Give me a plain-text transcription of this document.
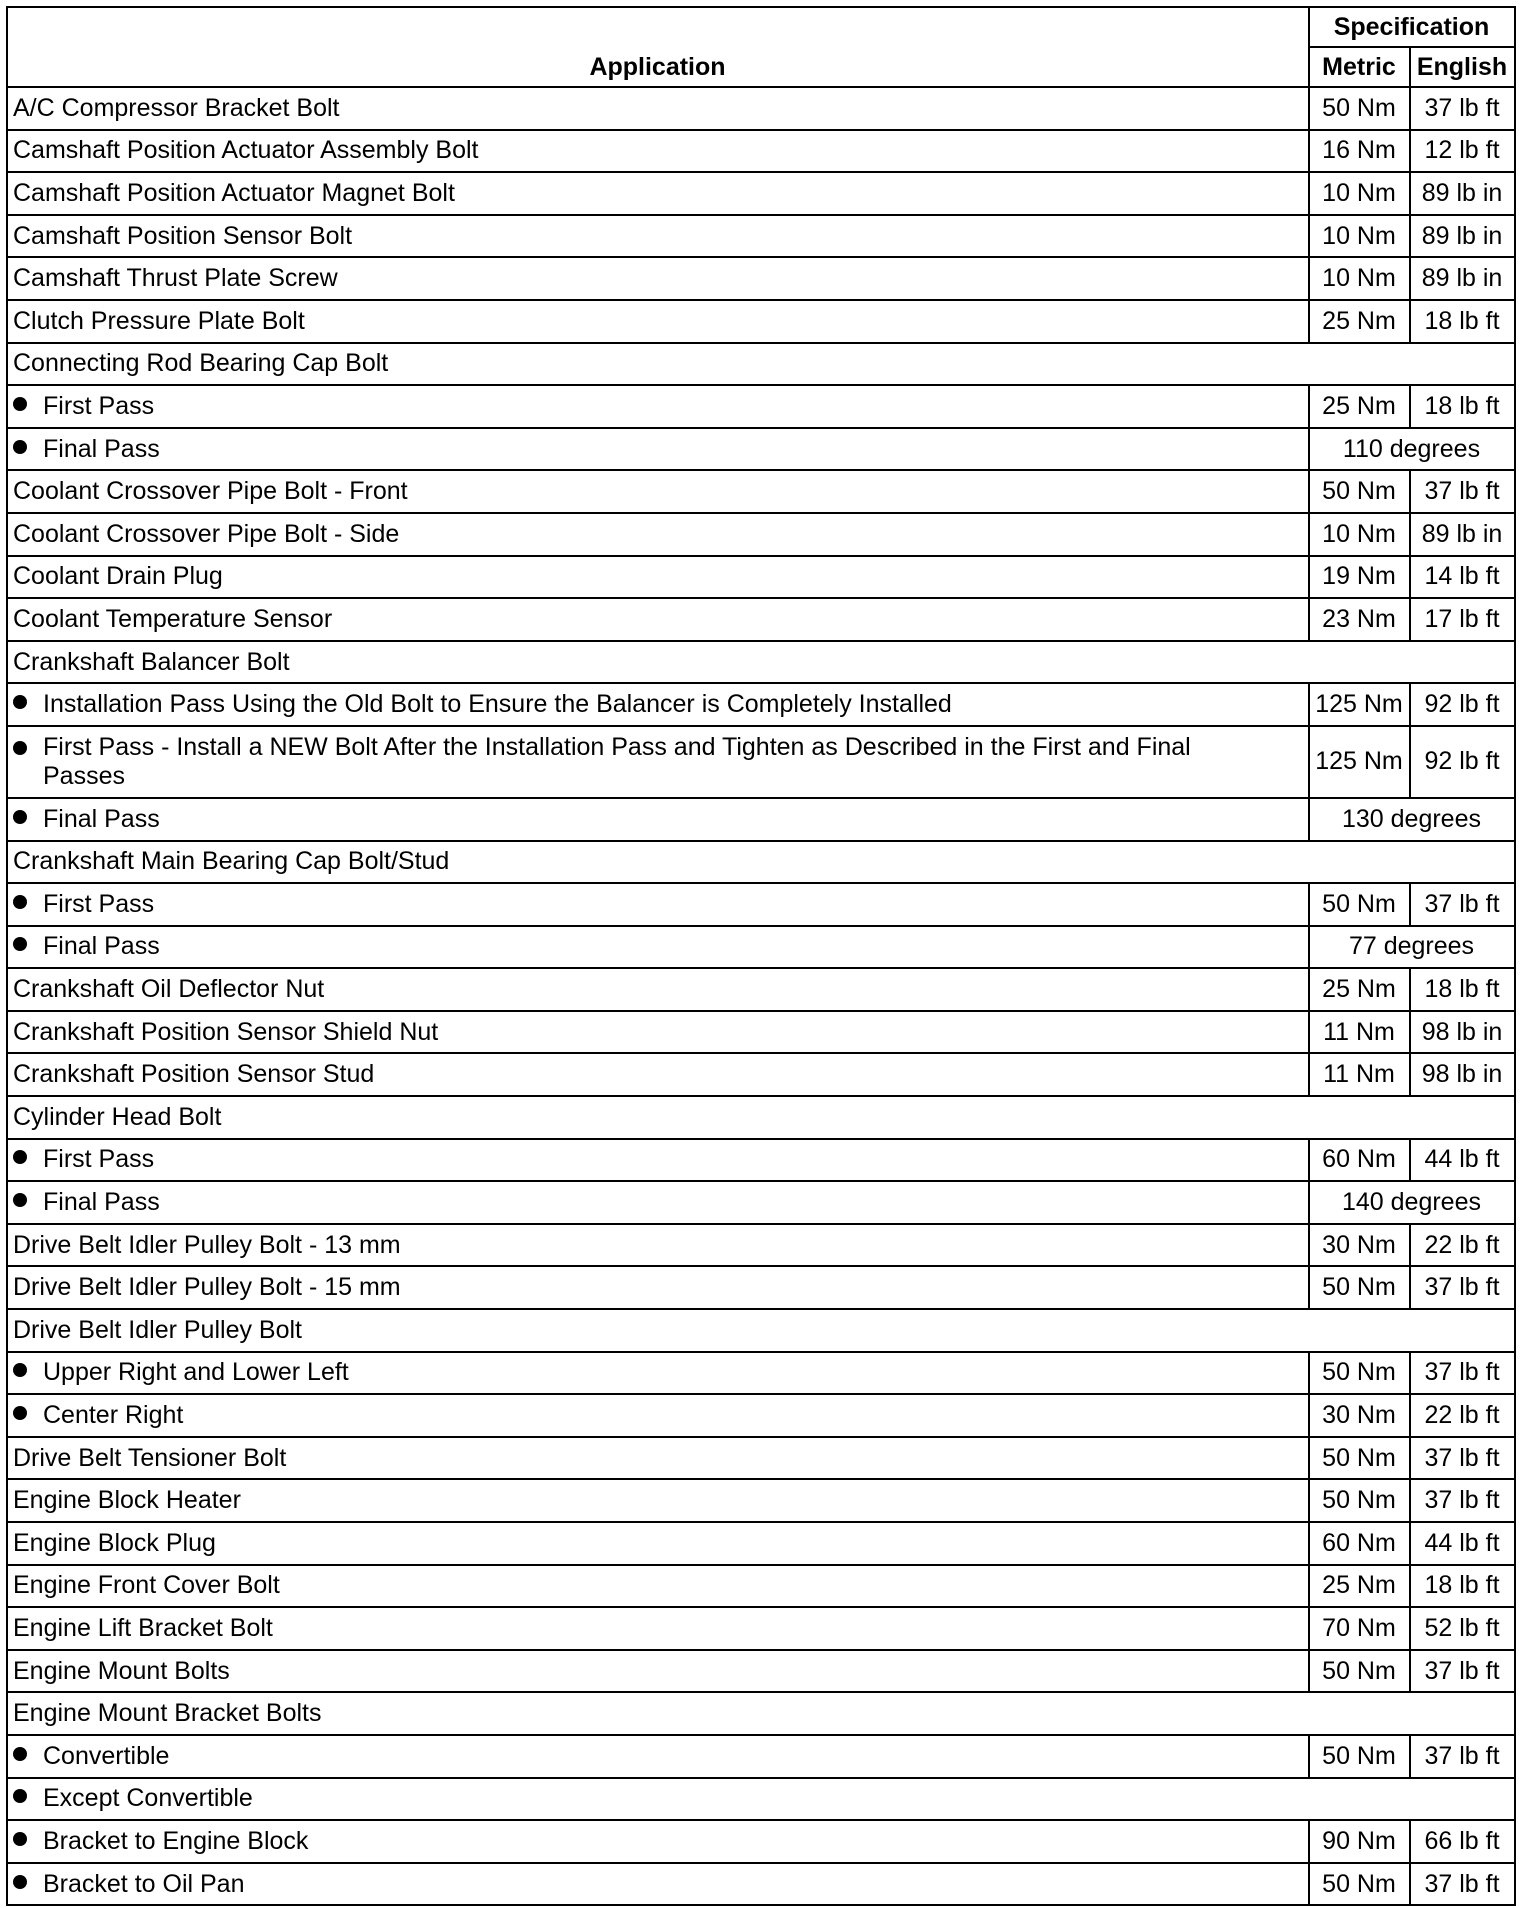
Application	Specification	
	Metric	English
A/C Compressor Bracket Bolt	50 Nm	37 lb ft
Camshaft Position Actuator Assembly Bolt	16 Nm	12 lb ft
Camshaft Position Actuator Magnet Bolt	10 Nm	89 lb in
Camshaft Position Sensor Bolt	10 Nm	89 lb in
Camshaft Thrust Plate Screw	10 Nm	89 lb in
Clutch Pressure Plate Bolt	25 Nm	18 lb ft
Connecting Rod Bearing Cap Bolt		
First Pass	25 Nm	18 lb ft
Final Pass	110 degrees	
Coolant Crossover Pipe Bolt - Front	50 Nm	37 lb ft
Coolant Crossover Pipe Bolt - Side	10 Nm	89 lb in
Coolant Drain Plug	19 Nm	14 lb ft
Coolant Temperature Sensor	23 Nm	17 lb ft
Crankshaft Balancer Bolt		
Installation Pass Using the Old Bolt to Ensure the Balancer is Completely Installed	125 Nm	92 lb ft

First Pass - Install a NEW Bolt After the Installation Pass and Tighten as Described in the First and Final Passes	125 Nm	92 lb ft
Final Pass	130 degrees	
Crankshaft Main Bearing Cap Bolt/Stud		
First Pass	50 Nm	37 lb ft
Final Pass	77 degrees	
Crankshaft Oil Deflector Nut	25 Nm	18 lb ft
Crankshaft Position Sensor Shield Nut	11 Nm	98 lb in
Crankshaft Position Sensor Stud	11 Nm	98 lb in
Cylinder Head Bolt		
First Pass	60 Nm	44 lb ft
Final Pass	140 degrees	
Drive Belt Idler Pulley Bolt - 13 mm	30 Nm	22 lb ft
Drive Belt Idler Pulley Bolt - 15 mm	50 Nm	37 lb ft
Drive Belt Idler Pulley Bolt		
Upper Right and Lower Left	50 Nm	37 lb ft
Center Right	30 Nm	22 lb ft
Drive Belt Tensioner Bolt	50 Nm	37 lb ft
Engine Block Heater	50 Nm	37 lb ft
Engine Block Plug	60 Nm	44 lb ft
Engine Front Cover Bolt	25 Nm	18 lb ft
Engine Lift Bracket Bolt	70 Nm	52 lb ft
Engine Mount Bolts	50 Nm	37 lb ft
Engine Mount Bracket Bolts		
Convertible	50 Nm	37 lb ft
Except Convertible		
Bracket to Engine Block	90 Nm	66 lb ft
Bracket to Oil Pan	50 Nm	37 lb ft
